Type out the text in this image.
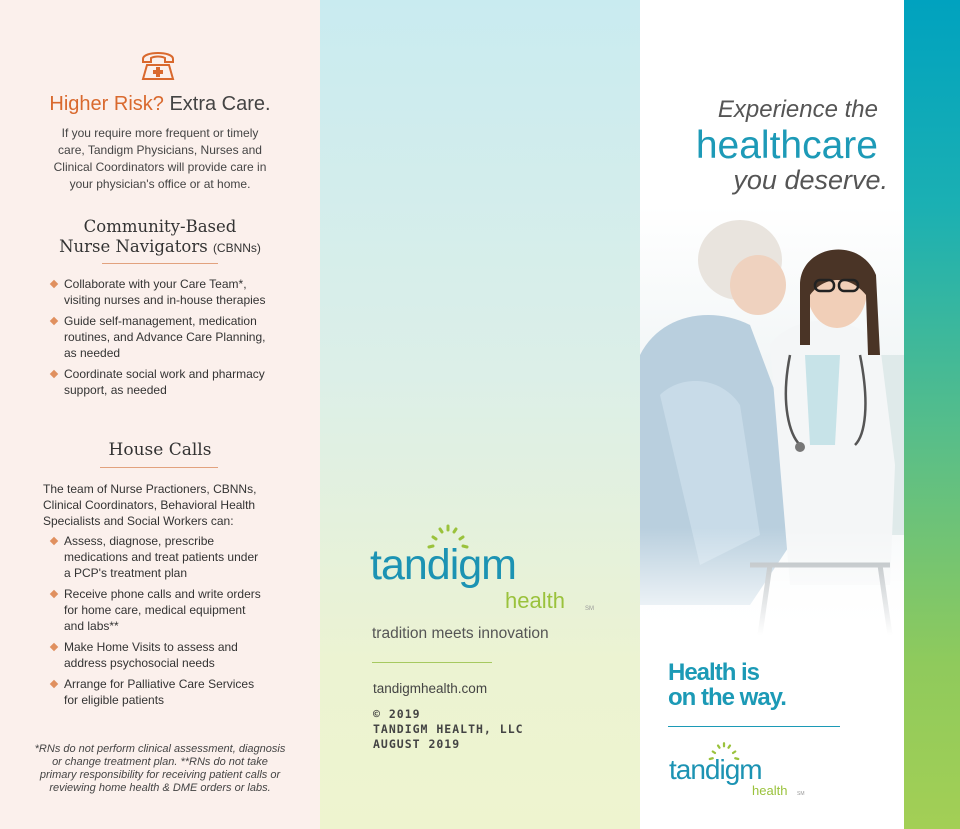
Higher Risk? Extra Care.
If you require more frequent or timely
care, Tandigm Physicians, Nurses and
Clinical Coordinators will provide care in
your physician's office or at home.
Community-Based
Nurse Navigators (CBNNs)
Collaborate with your Care Team*,
visiting nurses and in-house therapies
Guide self-management, medication
routines, and Advance Care Planning,
as needed
Coordinate social work and pharmacy
support, as needed
House Calls
The team of Nurse Practioners, CBNNs,
Clinical Coordinators, Behavioral Health
Specialists and Social Workers can:
Assess, diagnose, prescribe
medications and treat patients under
a PCP's treatment plan
Receive phone calls and write orders
for home care, medical equipment
and labs**
Make Home Visits to assess and
address psychosocial needs
Arrange for Palliative Care Services
for eligible patients
*RNs do not perform clinical assessment, diagnosis
or change treatment plan. **RNs do not take
primary responsibility for receiving patient calls or
reviewing home health & DME orders or labs.
tandigm
health	SM
tradition meets innovation
tandigmhealth.com
© 2019
TANDIGM HEALTH, LLC
AUGUST 2019
Experience the
healthcare
you deserve.
Health is
on the way.
tandigm
health SM
